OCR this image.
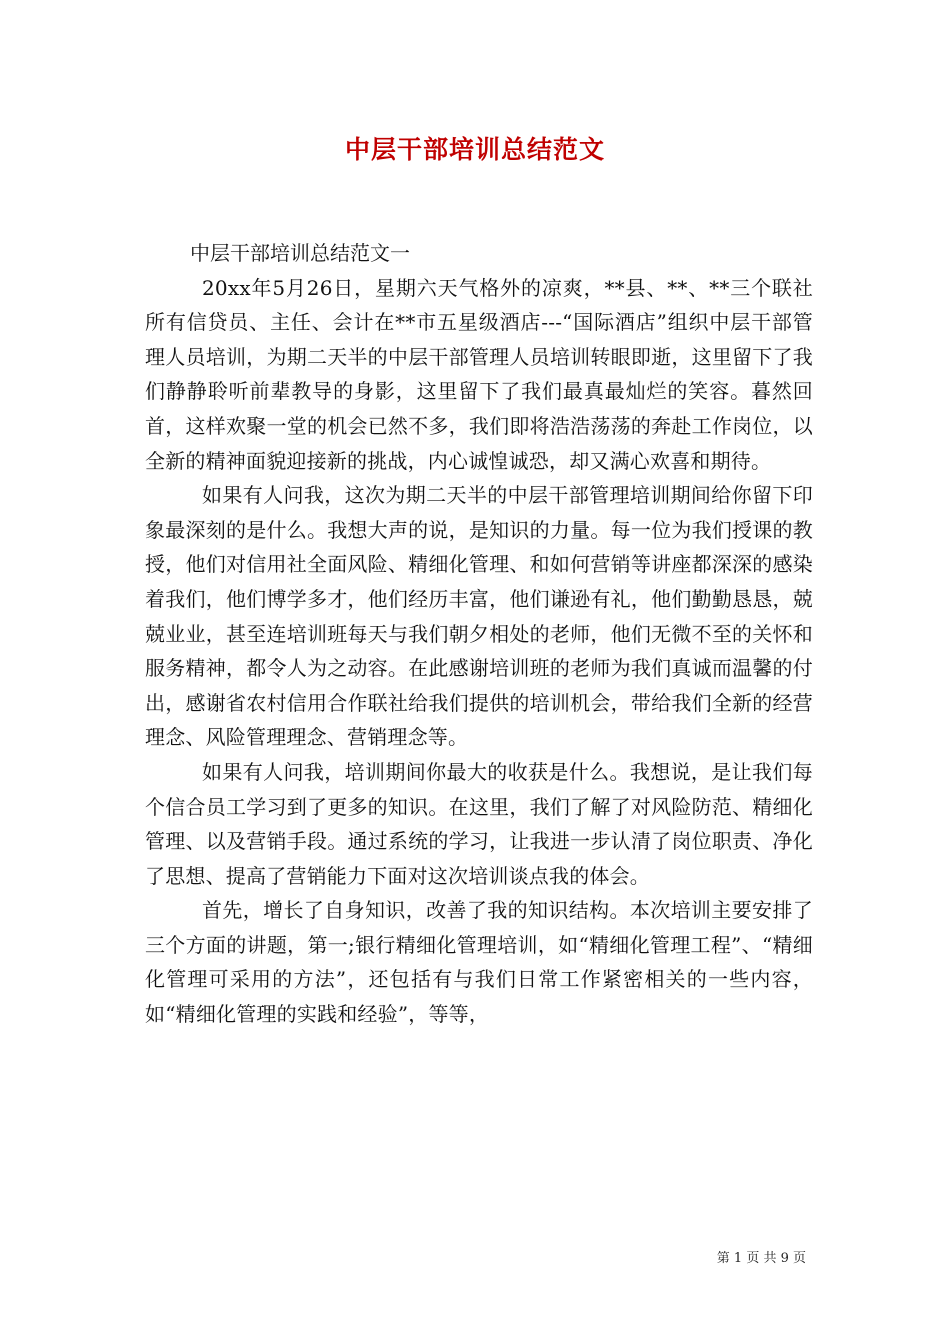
中层干部培训总结范文

中层干部培训总结范文一

20xx年5月26日，星期六天气格外的凉爽，**县、**、**三个联社所有信贷员、主任、会计在**市五星级酒店---“国际酒店”组织中层干部管理人员培训，为期二天半的中层干部管理人员培训转眼即逝，这里留下了我们静静聆听前辈教导的身影，这里留下了我们最真最灿烂的笑容。暮然回首，这样欢聚一堂的机会已然不多，我们即将浩浩荡荡的奔赴工作岗位，以全新的精神面貌迎接新的挑战，内心诚惶诚恐，却又满心欢喜和期待。

如果有人问我，这次为期二天半的中层干部管理培训期间给你留下印象最深刻的是什么。我想大声的说，是知识的力量。每一位为我们授课的教授，他们对信用社全面风险、精细化管理、和如何营销等讲座都深深的感染着我们，他们博学多才，他们经历丰富，他们谦逊有礼，他们勤勤恳恳，兢兢业业，甚至连培训班每天与我们朝夕相处的老师，他们无微不至的关怀和服务精神，都令人为之动容。在此感谢培训班的老师为我们真诚而温馨的付出，感谢省农村信用合作联社给我们提供的培训机会，带给我们全新的经营理念、风险管理理念、营销理念等。

如果有人问我，培训期间你最大的收获是什么。我想说，是让我们每个信合员工学习到了更多的知识。在这里，我们了解了对风险防范、精细化管理、以及营销手段。通过系统的学习，让我进一步认清了岗位职责、净化了思想、提高了营销能力下面对这次培训谈点我的体会。

首先，增长了自身知识，改善了我的知识结构。本次培训主要安排了三个方面的讲题，第一;银行精细化管理培训，如“精细化管理工程”、“精细化管理可采用的方法”，还包括有与我们日常工作紧密相关的一些内容，如“精细化管理的实践和经验”，等等，

第 1 页 共 9 页
